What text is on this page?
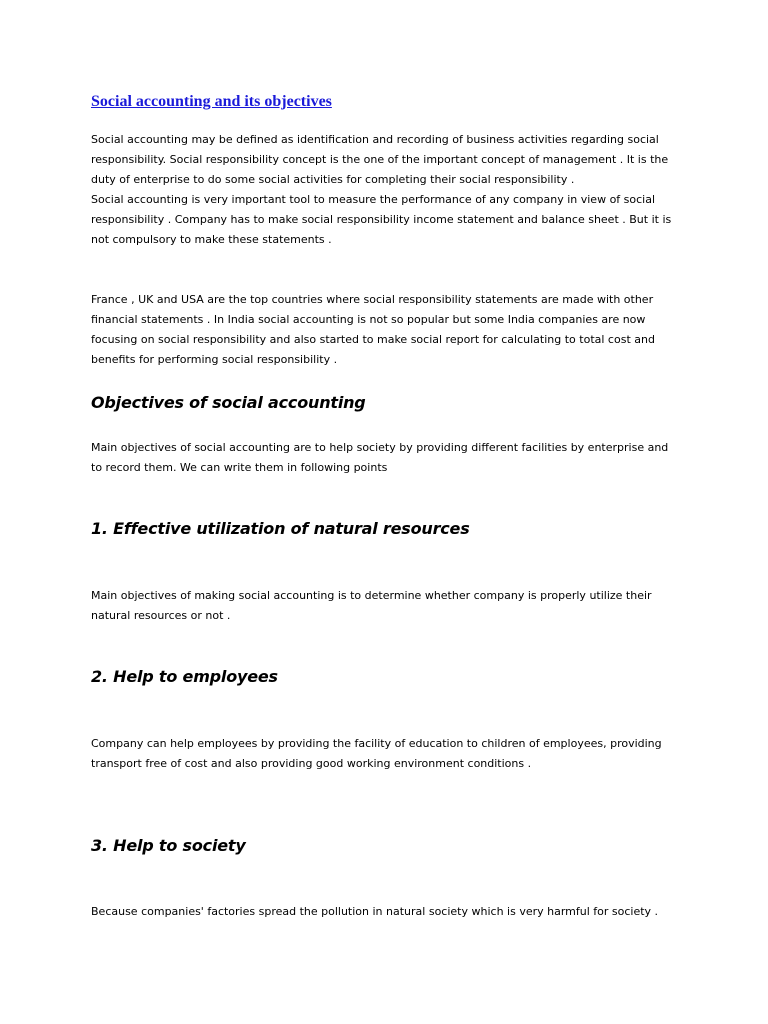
Social accounting and its objectives

Social accounting may be defined as identification and recording of business activities regarding social
responsibility. Social responsibility concept is the one of the important concept of management . It is the
duty of enterprise to do some social activities for completing their social responsibility .
Social accounting is very important tool to measure the performance of any company in view of social
responsibility . Company has to make social responsibility income statement and balance sheet . But it is
not compulsory to make these statements .

France , UK and USA are the top countries where social responsibility statements are made with other
financial statements . In India social accounting is not so popular but some India companies are now
focusing on social responsibility and also started to make social report for calculating to total cost and
benefits for performing social responsibility .

Objectives of social accounting

Main objectives of social accounting are to help society by providing different facilities by enterprise and
to record them. We can write them in following points

1. Effective utilization of natural resources

Main objectives of making social accounting is to determine whether company is properly utilize their
natural resources or not .

2. Help to employees

Company can help employees by providing the facility of education to children of employees, providing
transport free of cost and also providing good working environment conditions .

3. Help to society

Because companies' factories spread the pollution in natural society which is very harmful for society .
